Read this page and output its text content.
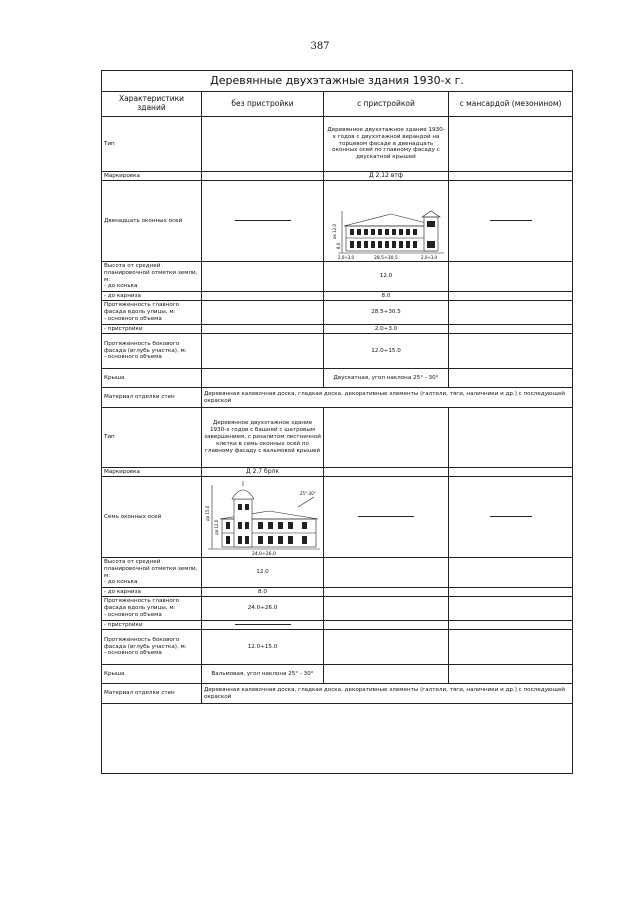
387
Деревянные двухэтажные здания 1930-х г.			
Характеристики зданий	без пристройки	с пристройкой	с мансардой (мезонином)
Тип		Деревянное двухэтажное здание 1930-х годов с двухэтажной верандой на торцевом фасаде в двенадцать оконных осей по главному фасаду с двускатной крышей	
Маркировка		Д 2.12 втф	
Двенадцать оконных осей		ок 12,0
8,0
2,0÷3,0 28,5÷30,5 2,0÷3,0	

Высота от средней планировочной отметки земли, м:
- до конька		12.0	
- до карниза		8.0	
Протяженность главного фасада вдоль улицы, м:
- основного объема		28.5÷30.5	
- пристройки		2.0÷3.0	
Протяженность бокового фасада (вглубь участка), м:
- основного объема		12.0÷15.0	
Крыша		Двускатная, угол наклона 25° - 30°	
Материал отделки стен	Деревянная калевочная доска, гладкая доска, декоративные элементы (галтели, тяги, наличники и др.) с последующей окраской		
Тип	Деревянное двухэтажное здание 1930-х годов с башней с шатровым завершением, с ризалитом лестничной клетки в семь оконных осей по главному фасаду с вальмовой крышей		
Маркировка	Д 2.7 брлк		
Семь оконных осей	до 15,0
до 12,0
8,0
24,0÷26,0
25°-30°		

Высота от средней планировочной отметки земли, м:
- до конька	12.0		
- до карниза	8.0		
Протяженность главного фасада вдоль улицы, м:
- основного объема	24.0÷26.0		
- пристройки			
Протяженность бокового фасада (вглубь участка), м:
- основного объема	12.0÷15.0		
Крыша	Вальмовая, угол наклона 25° - 30°		
Материал отделки стен	Деревянная калевочная доска, гладкая доска, декоративные элементы (галтели, тяги, наличники и др.) с последующей окраской		
